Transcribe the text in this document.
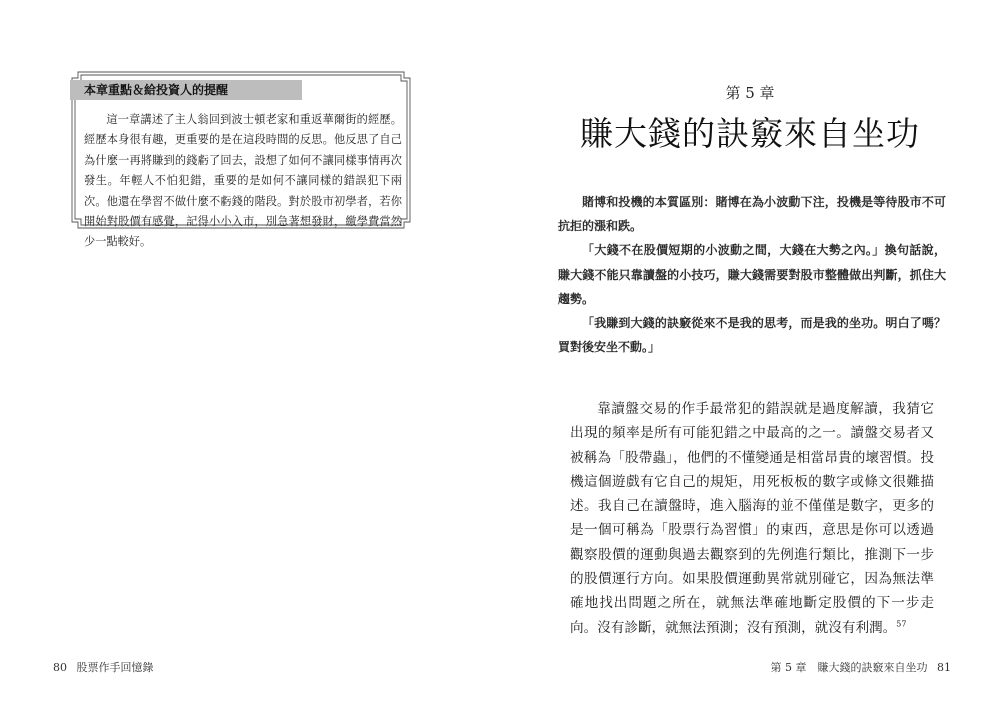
本章重點＆給投資人的提醒

這一章講述了主人翁回到波士頓老家和重返華爾街的經歷。經歷本身很有趣，更重要的是在這段時間的反思。他反思了自己為什麼一再將賺到的錢虧了回去，設想了如何不讓同樣事情再次發生。年輕人不怕犯錯，重要的是如何不讓同樣的錯誤犯下兩次。他還在學習不做什麼不虧錢的階段。對於股市初學者，若你開始對股價有感覺，記得小小入市，別急著想發財，繳學費當然少一點較好。

80 股票作手回憶錄
第 5 章
賺大錢的訣竅來自坐功

賭博和投機的本質區別：賭博在為小波動下注，投機是等待股市不可抗拒的漲和跌。

「大錢不在股價短期的小波動之間，大錢在大勢之內。」換句話說，賺大錢不能只靠讀盤的小技巧，賺大錢需要對股市整體做出判斷，抓住大趨勢。

「我賺到大錢的訣竅從來不是我的思考，而是我的坐功。明白了嗎？買對後安坐不動。」

靠讀盤交易的作手最常犯的錯誤就是過度解讀，我猜它出現的頻率是所有可能犯錯之中最高的之一。讀盤交易者又被稱為「股帶蟲」，他們的不懂變通是相當昂貴的壞習慣。投機這個遊戲有它自己的規矩，用死板板的數字或條文很難描述。我自己在讀盤時，進入腦海的並不僅僅是數字，更多的是一個可稱為「股票行為習慣」的東西，意思是你可以透過觀察股價的運動與過去觀察到的先例進行類比，推測下一步的股價運行方向。如果股價運動異常就別碰它，因為無法準確地找出問題之所在，就無法準確地斷定股價的下一步走向。沒有診斷，就無法預測；沒有預測，就沒有利潤。$^{57}$

第 5 章　賺大錢的訣竅來自坐功 81
